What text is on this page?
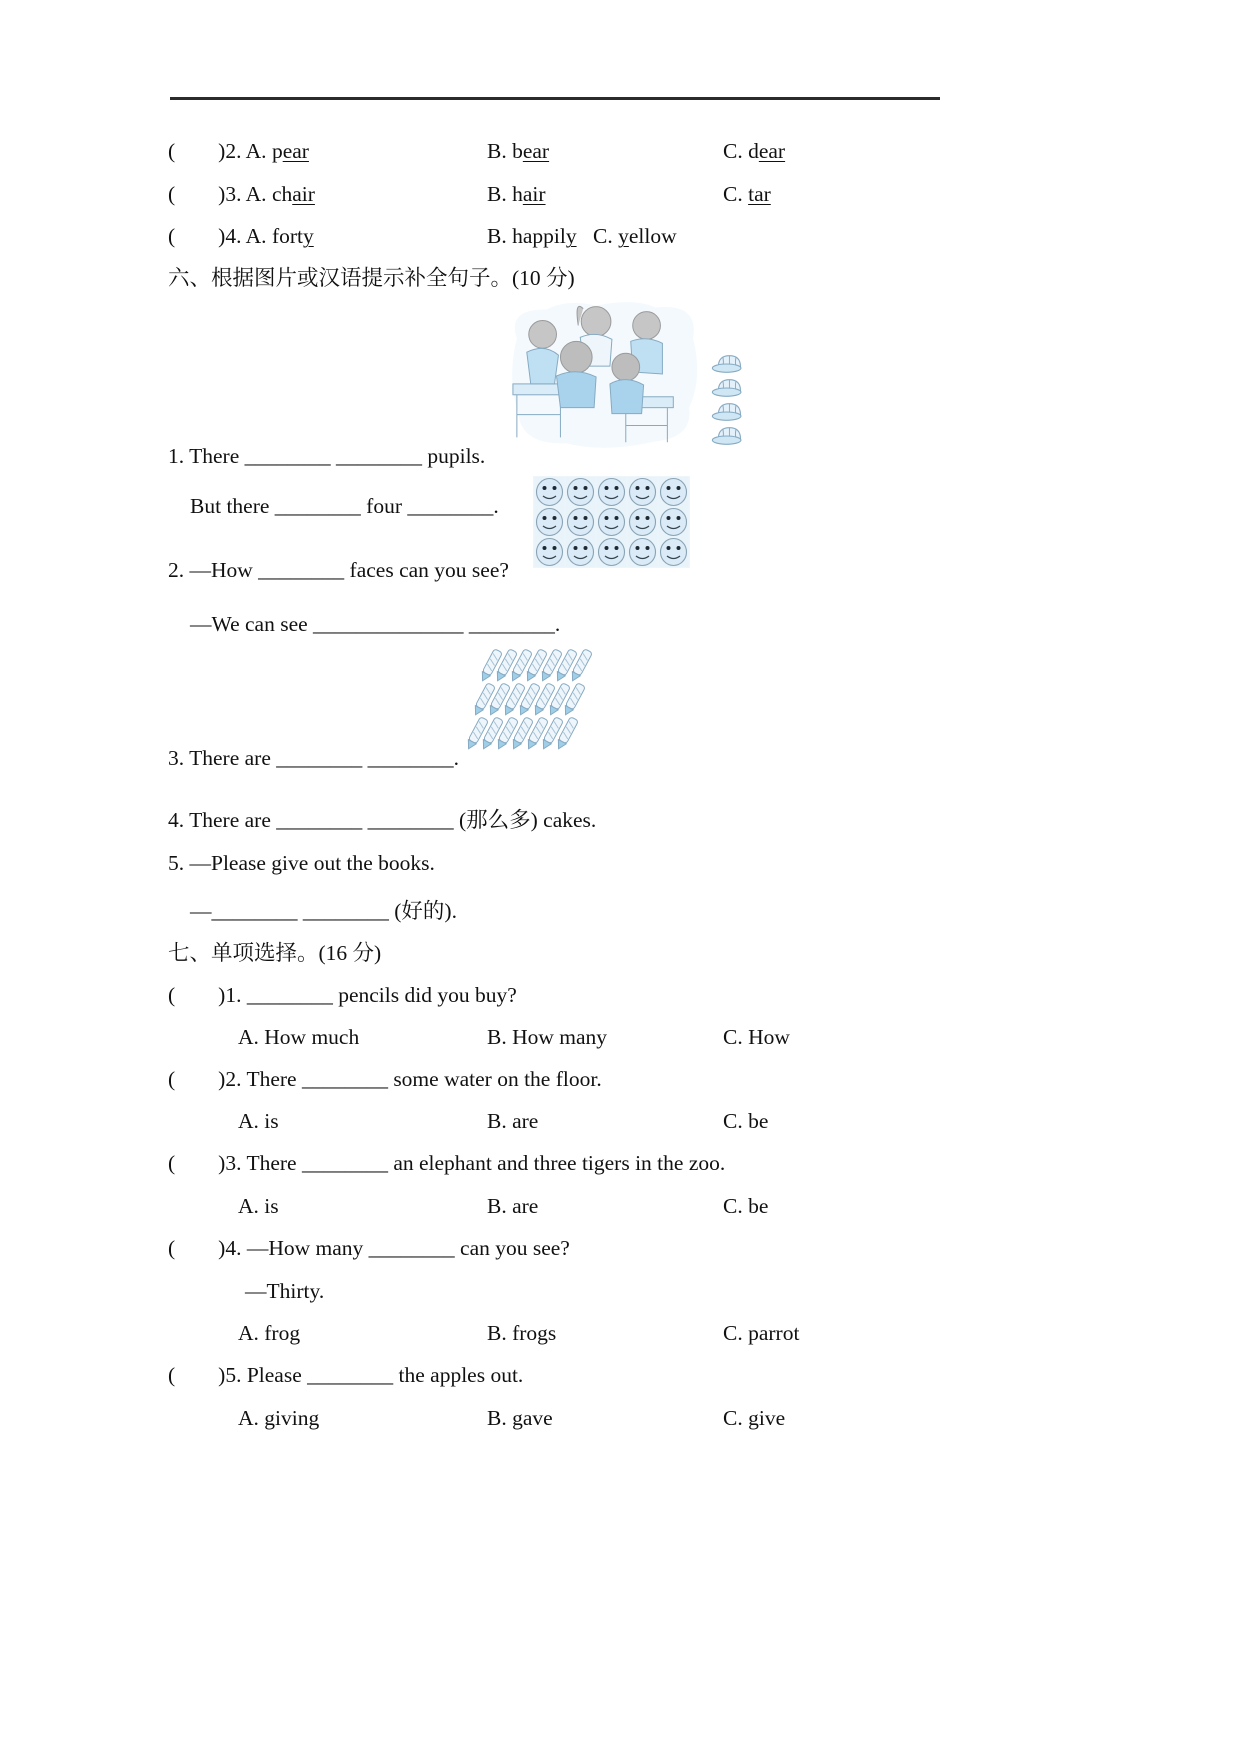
(        )2. A. pear	B. bear	C. dear
(        )3. A. chair	B. hair	C. tar
(        )4. A. forty	B. happily C. yellow
六、根据图片或汉语提示补全句子。(10 分)
1. There ________ ________ pupils.
But there ________ four ________.
2. —How ________ faces can you see?
—We can see ______________ ________.
3. There are ________ ________.
4. There are ________ ________ (那么多) cakes.
5. —Please give out the books.
—________ ________ (好的).
七、单项选择。(16 分)
(        )1. ________ pencils did you buy?
A. How much	B. How many	C. How
(        )2. There ________ some water on the floor.
A. is	B. are	C. be
(        )3. There ________ an elephant and three tigers in the zoo.
A. is	B. are	C. be
(        )4. —How many ________ can you see?
—Thirty.
A. frog	B. frogs	C. parrot
(        )5. Please ________ the apples out.
A. giving	B. gave	C. give
